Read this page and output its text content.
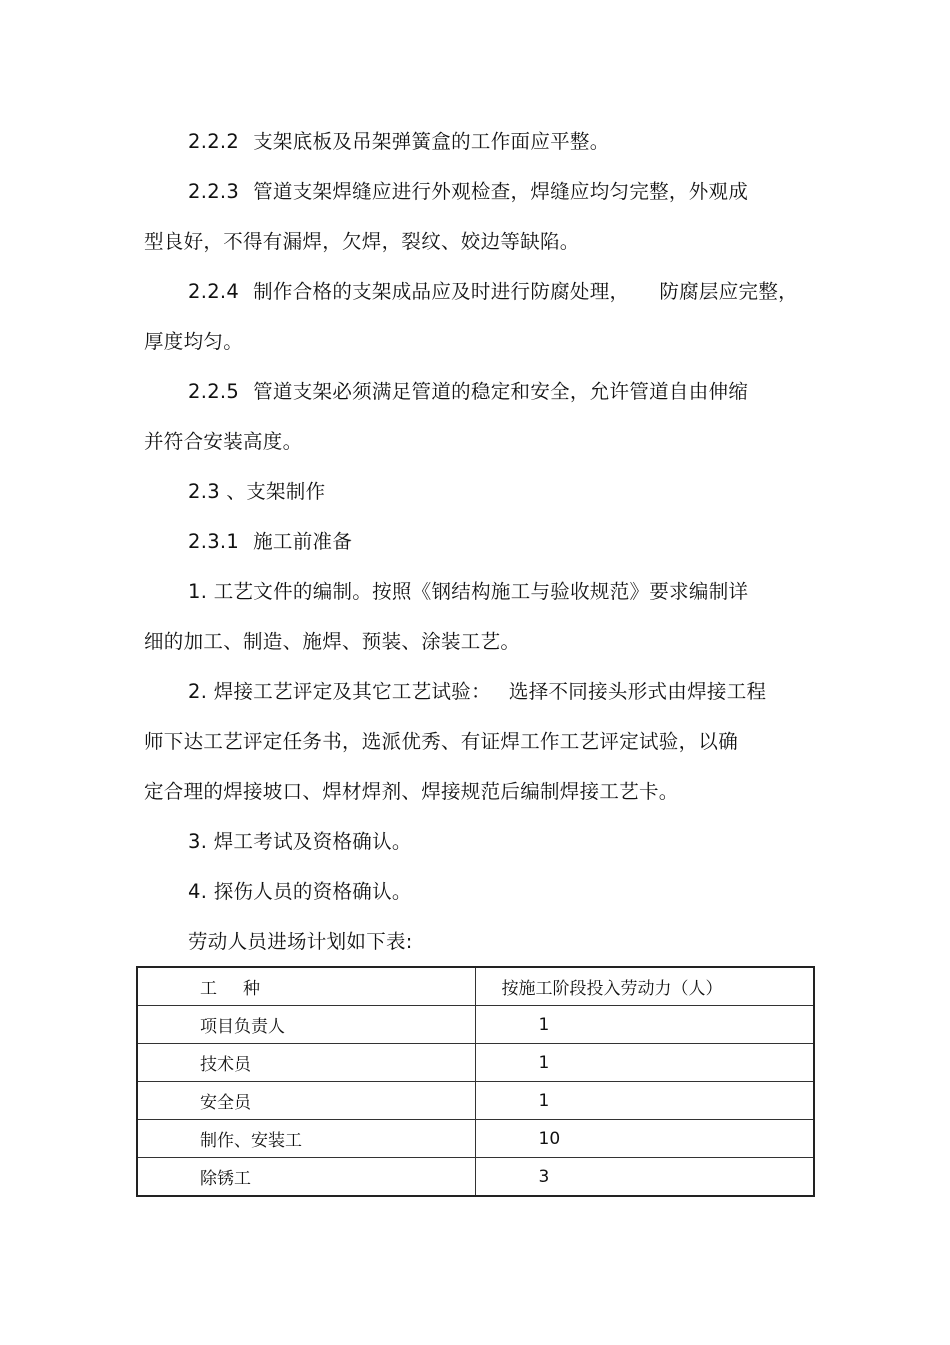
2.2.2 支架底板及吊架弹簧盒的工作面应平整。
2.2.3 管道支架焊缝应进行外观检查，焊缝应均匀完整，外观成
型良好，不得有漏焊，欠焊，裂纹、姣边等缺陷。
2.2.4 制作合格的支架成品应及时进行防腐处理， 防腐层应完整，
厚度均匀。
2.2.5 管道支架必须满足管道的稳定和安全，允许管道自由伸缩
并符合安装高度。
2.3 、支架制作
2.3.1 施工前准备
1. 工艺文件的编制。按照《钢结构施工与验收规范》要求编制详
细的加工、制造、施焊、预装、涂装工艺。
2. 焊接工艺评定及其它工艺试验： 选择不同接头形式由焊接工程
师下达工艺评定任务书，选派优秀、有证焊工作工艺评定试验，以确
定合理的焊接坡口、焊材焊剂、焊接规范后编制焊接工艺卡。
3. 焊工考试及资格确认。
4. 探伤人员的资格确认。
劳动人员进场计划如下表:
工 种	按施工阶段投入劳动力（人）
项目负责人	1
技术员	1
安全员	1
制作、安装工	10
除锈工	3
